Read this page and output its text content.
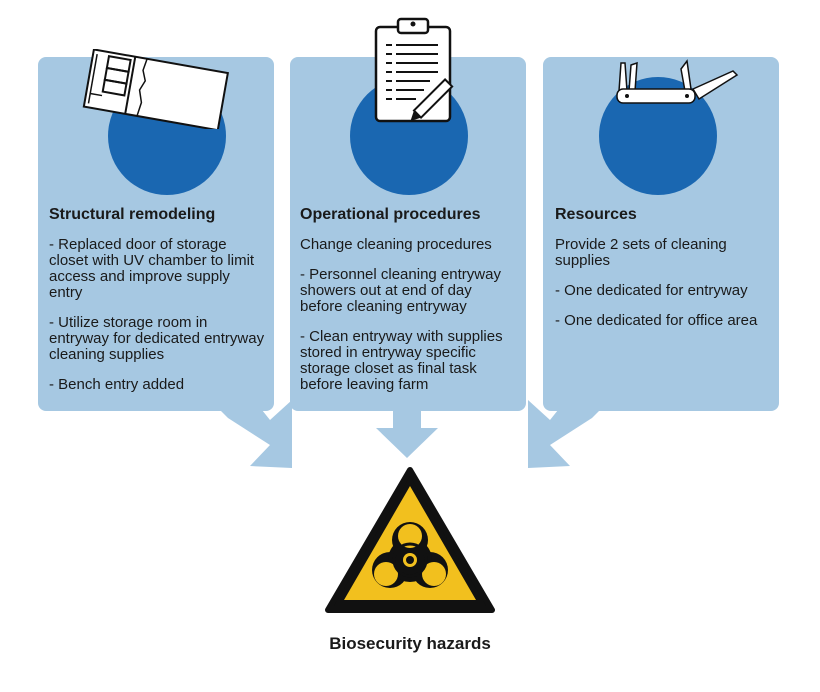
Structural remodeling

- Replaced door of storage closet with UV chamber to limit access and improve supply entry

- Utilize storage room in entryway for dedicated entryway cleaning supplies

- Bench entry added

Operational procedures

Change cleaning procedures

- Personnel cleaning entryway showers out at end of day before cleaning entryway

- Clean entryway with supplies stored in entryway specific storage closet as final task before leaving farm

Resources

Provide 2 sets of cleaning supplies

- One dedicated for entryway

- One dedicated for office area

Biosecurity hazards
